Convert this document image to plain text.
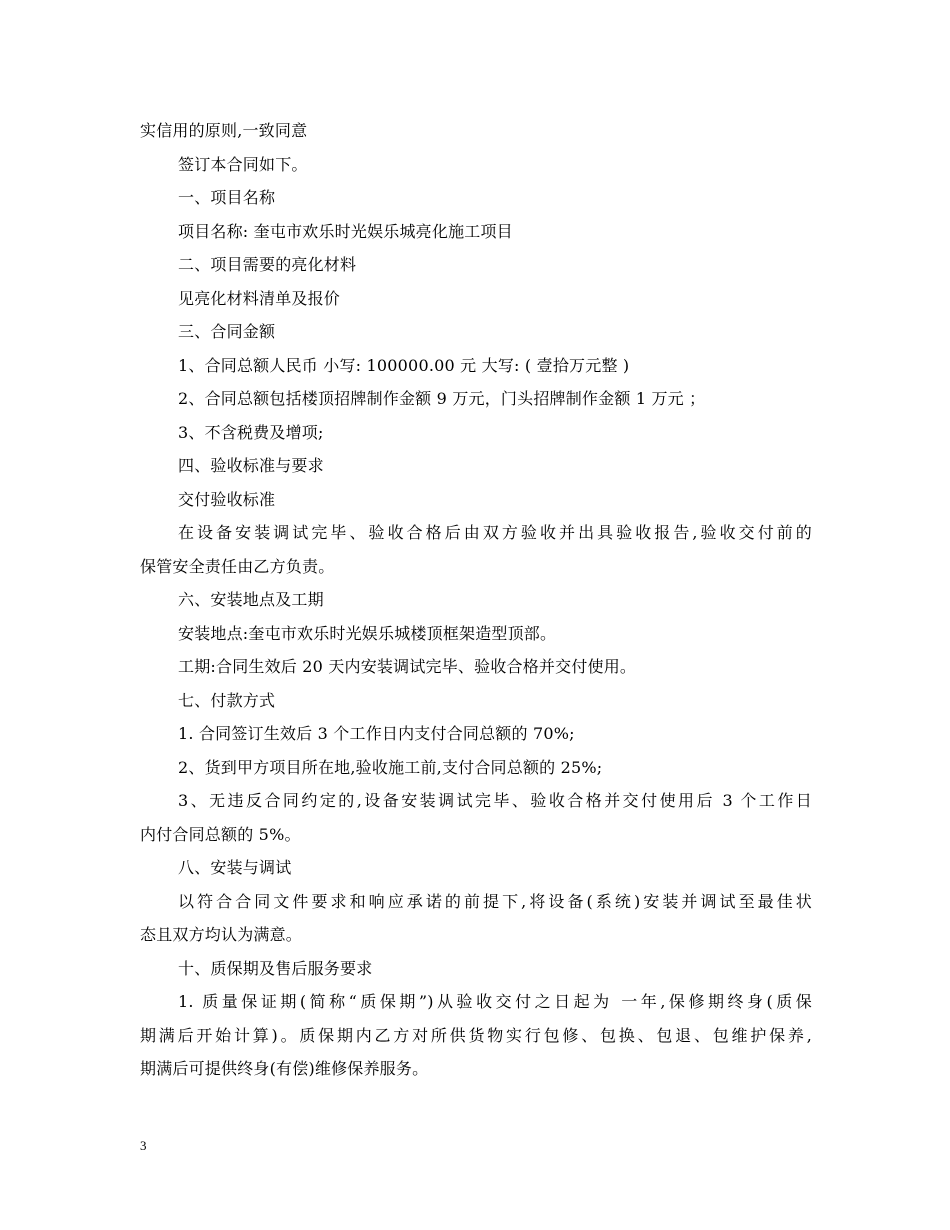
实信用的原则,一致同意
签订本合同如下。
一、项目名称
项目名称: 奎屯市欢乐时光娱乐城亮化施工项目
二、项目需要的亮化材料
见亮化材料清单及报价
三、合同金额
1、合同总额人民币 小写: 100000.00 元 大写: ( 壹拾万元整 )
2、合同总额包括楼顶招牌制作金额 9 万元，门头招牌制作金额 1 万元 ；
3、不含税费及增项;
四、验收标准与要求
交付验收标准
在设备安装调试完毕、验收合格后由双方验收并出具验收报告,验收交付前的
保管安全责任由乙方负责。
六、安装地点及工期
安装地点:奎屯市欢乐时光娱乐城楼顶框架造型顶部。
工期:合同生效后 20 天内安装调试完毕、验收合格并交付使用。
七、付款方式
1. 合同签订生效后 3 个工作日内支付合同总额的 70%;
2、货到甲方项目所在地,验收施工前,支付合同总额的 25%;
3、无违反合同约定的,设备安装调试完毕、验收合格并交付使用后 3 个工作日
内付合同总额的 5%。
八、安装与调试
以符合合同文件要求和响应承诺的前提下,将设备(系统)安装并调试至最佳状
态且双方均认为满意。
十、质保期及售后服务要求
1. 质量保证期(简称“质保期”)从验收交付之日起为 一年,保修期终身(质保
期满后开始计算)。质保期内乙方对所供货物实行包修、包换、包退、包维护保养,
期满后可提供终身(有偿)维修保养服务。
3
